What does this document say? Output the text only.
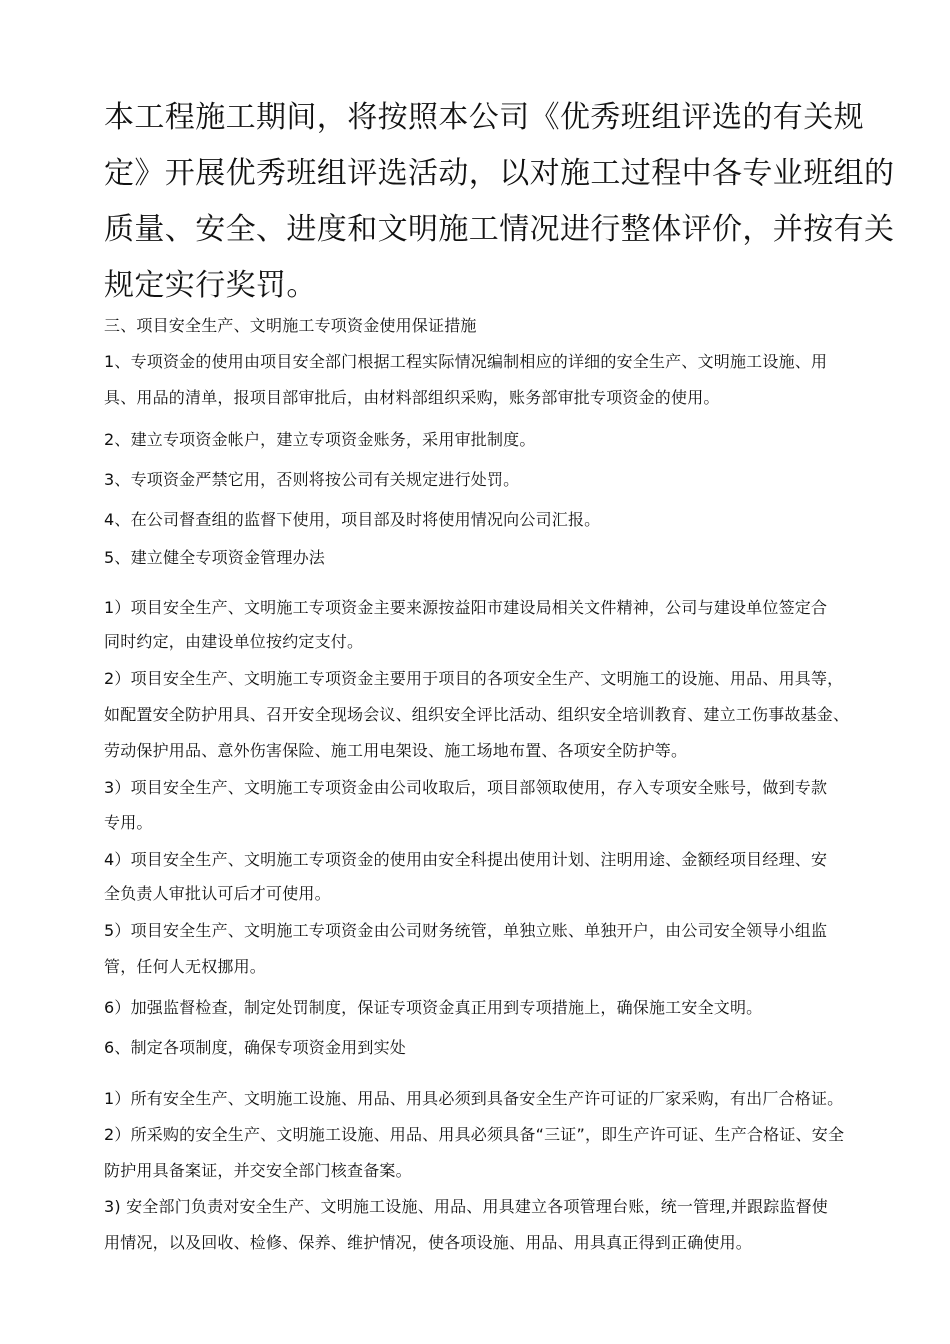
本工程施工期间，将按照本公司《优秀班组评选的有关规

定》开展优秀班组评选活动，以对施工过程中各专业班组的

质量、安全、进度和文明施工情况进行整体评价，并按有关

规定实行奖罚。

三、项目安全生产、文明施工专项资金使用保证措施

1、专项资金的使用由项目安全部门根据工程实际情况编制相应的详细的安全生产、文明施工设施、用

具、用品的清单，报项目部审批后，由材料部组织采购，账务部审批专项资金的使用。

2、建立专项资金帐户，建立专项资金账务，采用审批制度。

3、专项资金严禁它用，否则将按公司有关规定进行处罚。

4、在公司督查组的监督下使用，项目部及时将使用情况向公司汇报。

5、建立健全专项资金管理办法

1）项目安全生产、文明施工专项资金主要来源按益阳市建设局相关文件精神，公司与建设单位签定合

同时约定，由建设单位按约定支付。

2）项目安全生产、文明施工专项资金主要用于项目的各项安全生产、文明施工的设施、用品、用具等，

如配置安全防护用具、召开安全现场会议、组织安全评比活动、组织安全培训教育、建立工伤事故基金、

劳动保护用品、意外伤害保险、施工用电架设、施工场地布置、各项安全防护等。

3）项目安全生产、文明施工专项资金由公司收取后，项目部领取使用，存入专项安全账号，做到专款

专用。

4）项目安全生产、文明施工专项资金的使用由安全科提出使用计划、注明用途、金额经项目经理、安

全负责人审批认可后才可使用。

5）项目安全生产、文明施工专项资金由公司财务统管，单独立账、单独开户，由公司安全领导小组监

管，任何人无权挪用。

6）加强监督检查，制定处罚制度，保证专项资金真正用到专项措施上，确保施工安全文明。

6、制定各项制度，确保专项资金用到实处

1）所有安全生产、文明施工设施、用品、用具必须到具备安全生产许可证的厂家采购，有出厂合格证。

2）所采购的安全生产、文明施工设施、用品、用具必须具备“三证”，即生产许可证、生产合格证、安全

防护用具备案证，并交安全部门核查备案。

3) 安全部门负责对安全生产、文明施工设施、用品、用具建立各项管理台账，统一管理,并跟踪监督使

用情况，以及回收、检修、保养、维护情况，使各项设施、用品、用具真正得到正确使用。
